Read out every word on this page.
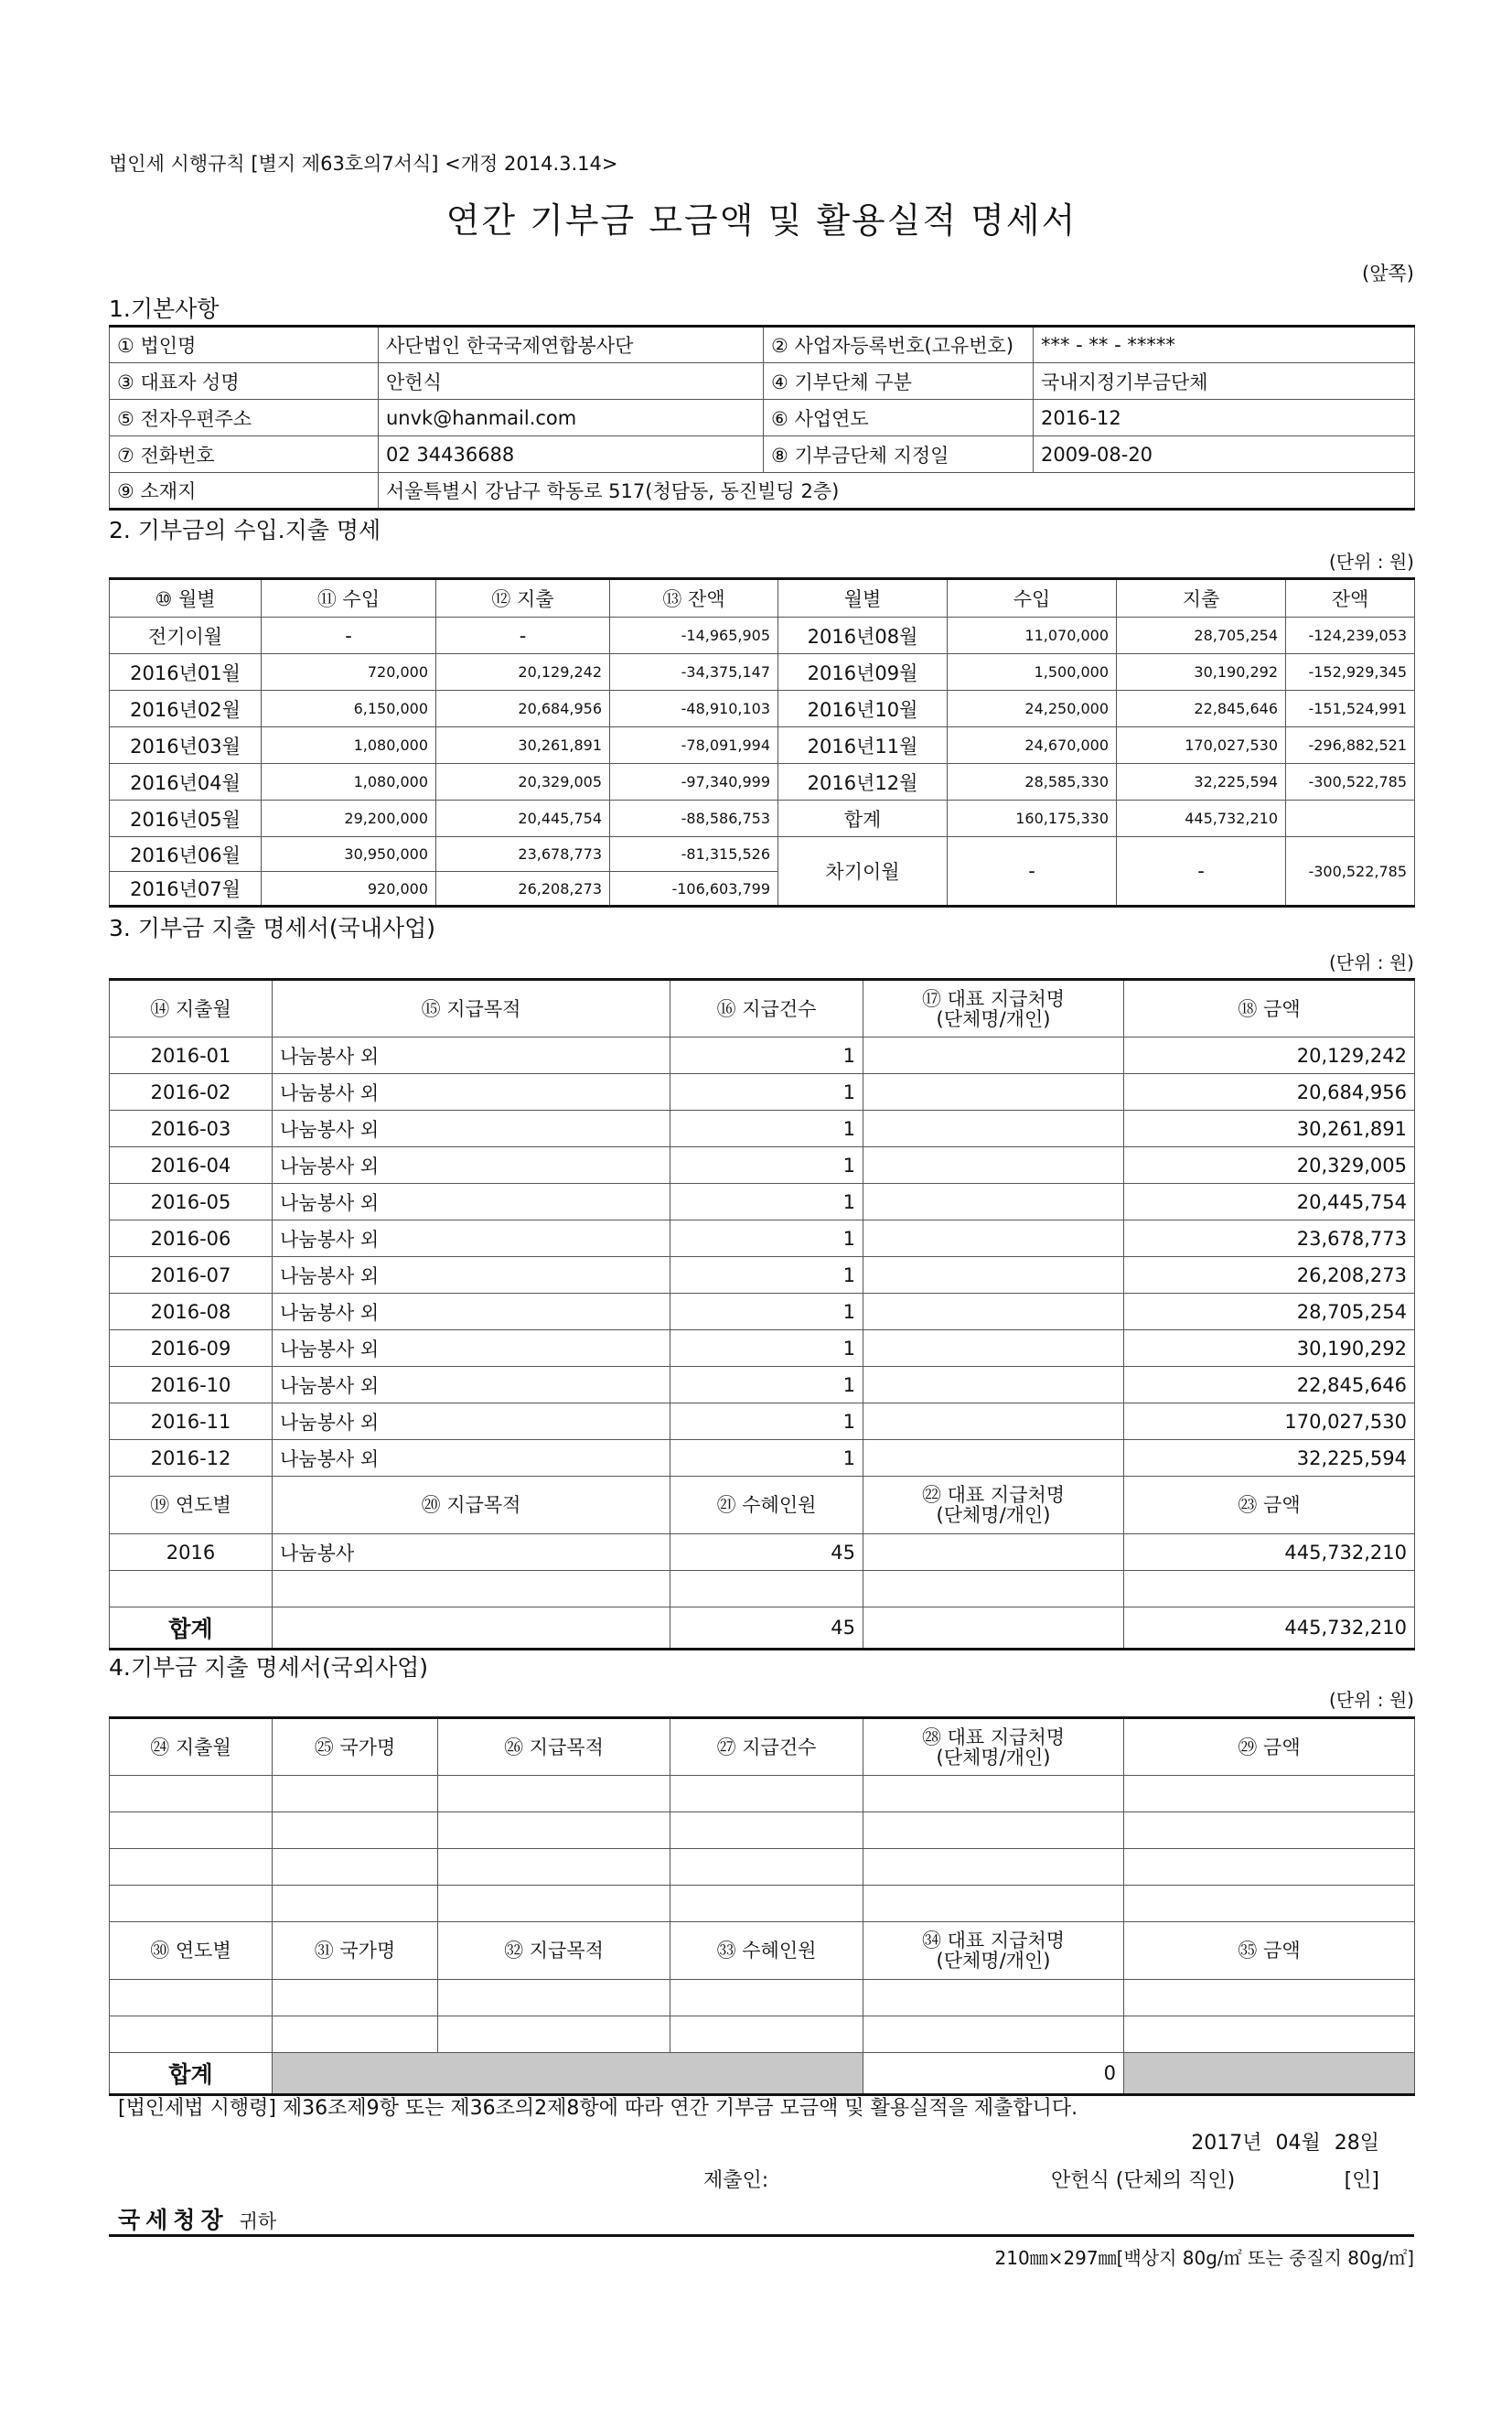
법인세 시행규칙 [별지 제63호의7서식] <개정 2014.3.14>
연간 기부금 모금액 및 활용실적 명세서
(앞쪽)
1.기본사항
① 법인명	사단법인 한국국제연합봉사단	② 사업자등록번호(고유번호)	*** - ** - *****
③ 대표자 성명	안헌식	④ 기부단체 구분	국내지정기부금단체
⑤ 전자우편주소	unvk@hanmail.com	⑥ 사업연도	2016-12
⑦ 전화번호	02 34436688	⑧ 기부금단체 지정일	2009-08-20
⑨ 소재지	서울특별시 강남구 학동로 517(청담동, 동진빌딩 2층)		
2. 기부금의 수입.지출 명세
(단위 : 원)
⑩ 월별	⑪ 수입	⑫ 지출	⑬ 잔액	월별	수입	지출	잔액
전기이월	-	-	-14,965,905	2016년08월	11,070,000	28,705,254	-124,239,053
2016년01월	720,000	20,129,242	-34,375,147	2016년09월	1,500,000	30,190,292	-152,929,345
2016년02월	6,150,000	20,684,956	-48,910,103	2016년10월	24,250,000	22,845,646	-151,524,991
2016년03월	1,080,000	30,261,891	-78,091,994	2016년11월	24,670,000	170,027,530	-296,882,521
2016년04월	1,080,000	20,329,005	-97,340,999	2016년12월	28,585,330	32,225,594	-300,522,785
2016년05월	29,200,000	20,445,754	-88,586,753	합계	160,175,330	445,732,210	
2016년06월	30,950,000	23,678,773	-81,315,526	차기이월	-	-	-300,522,785
2016년07월	920,000	26,208,273	-106,603,799				
3. 기부금 지출 명세서(국내사업)
(단위 : 원)
⑭ 지출월	⑮ 지급목적	⑯ 지급건수	⑰ 대표 지급처명
(단체명/개인)	⑱ 금액
2016-01	나눔봉사 외	1		20,129,242
2016-02	나눔봉사 외	1		20,684,956
2016-03	나눔봉사 외	1		30,261,891
2016-04	나눔봉사 외	1		20,329,005
2016-05	나눔봉사 외	1		20,445,754
2016-06	나눔봉사 외	1		23,678,773
2016-07	나눔봉사 외	1		26,208,273
2016-08	나눔봉사 외	1		28,705,254
2016-09	나눔봉사 외	1		30,190,292
2016-10	나눔봉사 외	1		22,845,646
2016-11	나눔봉사 외	1		170,027,530
2016-12	나눔봉사 외	1		32,225,594
⑲ 연도별	⑳ 지급목적	㉑ 수혜인원	㉒ 대표 지급처명
(단체명/개인)	㉓ 금액
2016	나눔봉사	45		445,732,210

합계		45		445,732,210
4.기부금 지출 명세서(국외사업)
(단위 : 원)
㉔ 지출월	㉕ 국가명	㉖ 지급목적	㉗ 지급건수	㉘ 대표 지급처명
(단체명/개인)	㉙ 금액	

㉚ 연도별	㉛ 국가명	㉜ 지급목적	㉝ 수혜인원	㉞ 대표 지급처명
(단체명/개인)	㉟ 금액	

합계				0		
[법인세법 시행령] 제36조제9항 또는 제36조의2제8항에 따라 연간 기부금 모금액 및 활용실적을 제출합니다.
2017년 04월 28일
제출인:	안헌식 (단체의 직인)	[인]
국세청장 귀하
210㎜×297㎜[백상지 80g/㎡ 또는 중질지 80g/㎡]
